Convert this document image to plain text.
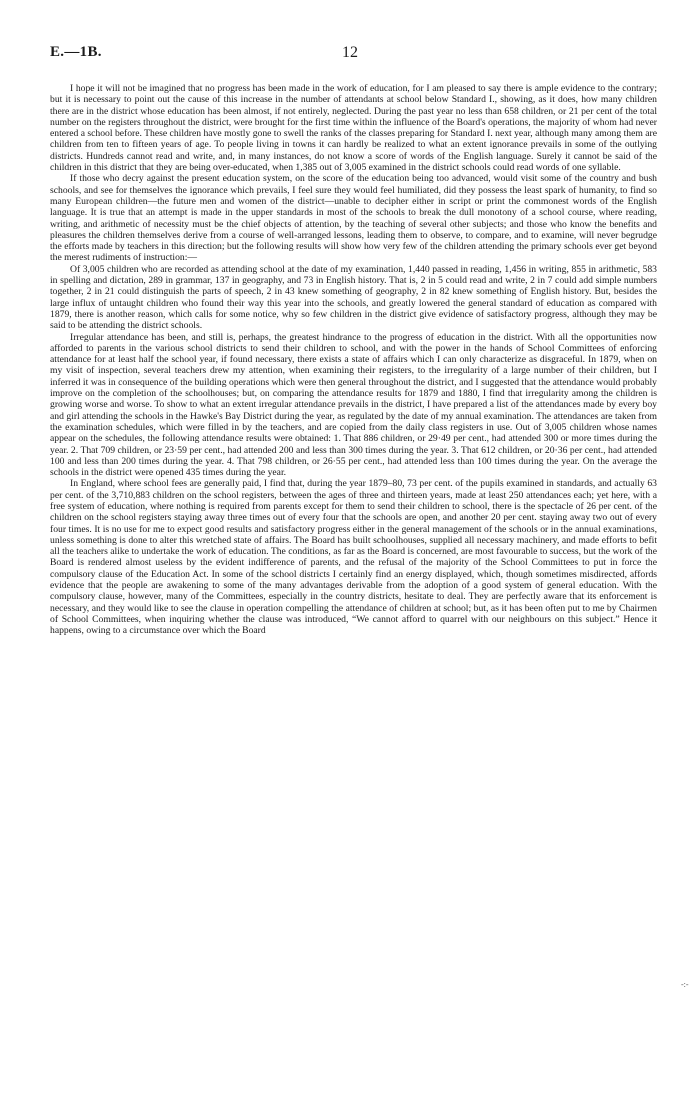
E.—1B.	12

I hope it will not be imagined that no progress has been made in the work of education, for I am pleased to say there is ample evidence to the contrary; but it is necessary to point out the cause of this increase in the number of attendants at school below Standard I., showing, as it does, how many children there are in the district whose education has been almost, if not entirely, neglected. During the past year no less than 658 children, or 21 per cent of the total number on the registers throughout the district, were brought for the first time within the influence of the Board's operations, the majority of whom had never entered a school before. These children have mostly gone to swell the ranks of the classes preparing for Standard I. next year, although many among them are children from ten to fifteen years of age. To people living in towns it can hardly be realized to what an extent ignorance prevails in some of the outlying districts. Hundreds cannot read and write, and, in many instances, do not know a score of words of the English language. Surely it cannot be said of the children in this district that they are being over-educated, when 1,385 out of 3,005 examined in the district schools could read words of one syllable.

If those who decry against the present education system, on the score of the education being too advanced, would visit some of the country and bush schools, and see for themselves the ignorance which prevails, I feel sure they would feel humiliated, did they possess the least spark of humanity, to find so many European children—the future men and women of the district—unable to decipher either in script or print the commonest words of the English language. It is true that an attempt is made in the upper standards in most of the schools to break the dull monotony of a school course, where reading, writing, and arithmetic of necessity must be the chief objects of attention, by the teaching of several other subjects; and those who know the benefits and pleasures the children themselves derive from a course of well-arranged lessons, leading them to observe, to compare, and to examine, will never begrudge the efforts made by teachers in this direction; but the following results will show how very few of the children attending the primary schools ever get beyond the merest rudiments of instruction:—

Of 3,005 children who are recorded as attending school at the date of my examination, 1,440 passed in reading, 1,456 in writing, 855 in arithmetic, 583 in spelling and dictation, 289 in grammar, 137 in geography, and 73 in English history. That is, 2 in 5 could read and write, 2 in 7 could add simple numbers together, 2 in 21 could distinguish the parts of speech, 2 in 43 knew something of geography, 2 in 82 knew something of English history. But, besides the large influx of untaught children who found their way this year into the schools, and greatly lowered the general standard of education as compared with 1879, there is another reason, which calls for some notice, why so few children in the district give evidence of satisfactory progress, although they may be said to be attending the district schools.

Irregular attendance has been, and still is, perhaps, the greatest hindrance to the progress of education in the district. With all the opportunities now afforded to parents in the various school districts to send their children to school, and with the power in the hands of School Committees of enforcing attendance for at least half the school year, if found necessary, there exists a state of affairs which I can only characterize as disgraceful. In 1879, when on my visit of inspection, several teachers drew my attention, when examining their registers, to the irregularity of a large number of their children, but I inferred it was in consequence of the building operations which were then general throughout the district, and I suggested that the attendance would probably improve on the completion of the schoolhouses; but, on comparing the attendance results for 1879 and 1880, I find that irregularity among the children is growing worse and worse. To show to what an extent irregular attendance prevails in the district, I have prepared a list of the attendances made by every boy and girl attending the schools in the Hawke's Bay District during the year, as regulated by the date of my annual examination. The attendances are taken from the examination schedules, which were filled in by the teachers, and are copied from the daily class registers in use. Out of 3,005 children whose names appear on the schedules, the following attendance results were obtained: 1. That 886 children, or 29·49 per cent., had attended 300 or more times during the year. 2. That 709 children, or 23·59 per cent., had attended 200 and less than 300 times during the year. 3. That 612 children, or 20·36 per cent., had attended 100 and less than 200 times during the year. 4. That 798 children, or 26·55 per cent., had attended less than 100 times during the year. On the average the schools in the district were opened 435 times during the year.

In England, where school fees are generally paid, I find that, during the year 1879–80, 73 per cent. of the pupils examined in standards, and actually 63 per cent. of the 3,710,883 children on the school registers, between the ages of three and thirteen years, made at least 250 attendances each; yet here, with a free system of education, where nothing is required from parents except for them to send their children to school, there is the spectacle of 26 per cent. of the children on the school registers staying away three times out of every four that the schools are open, and another 20 per cent. staying away two out of every four times. It is no use for me to expect good results and satisfactory progress either in the general management of the schools or in the annual examinations, unless something is done to alter this wretched state of affairs. The Board has built schoolhouses, supplied all necessary machinery, and made efforts to befit all the teachers alike to undertake the work of education. The conditions, as far as the Board is concerned, are most favourable to success, but the work of the Board is rendered almost useless by the evident indifference of parents, and the refusal of the majority of the School Committees to put in force the compulsory clause of the Education Act. In some of the school districts I certainly find an energy displayed, which, though sometimes misdirected, affords evidence that the people are awakening to some of the many advantages derivable from the adoption of a good system of general education. With the compulsory clause, however, many of the Committees, especially in the country districts, hesitate to deal. They are perfectly aware that its enforcement is necessary, and they would like to see the clause in operation compelling the attendance of children at school; but, as it has been often put to me by Chairmen of School Committees, when inquiring whether the clause was introduced, “We cannot afford to quarrel with our neighbours on this subject.” Hence it happens, owing to a circumstance over which the Board

-:-
